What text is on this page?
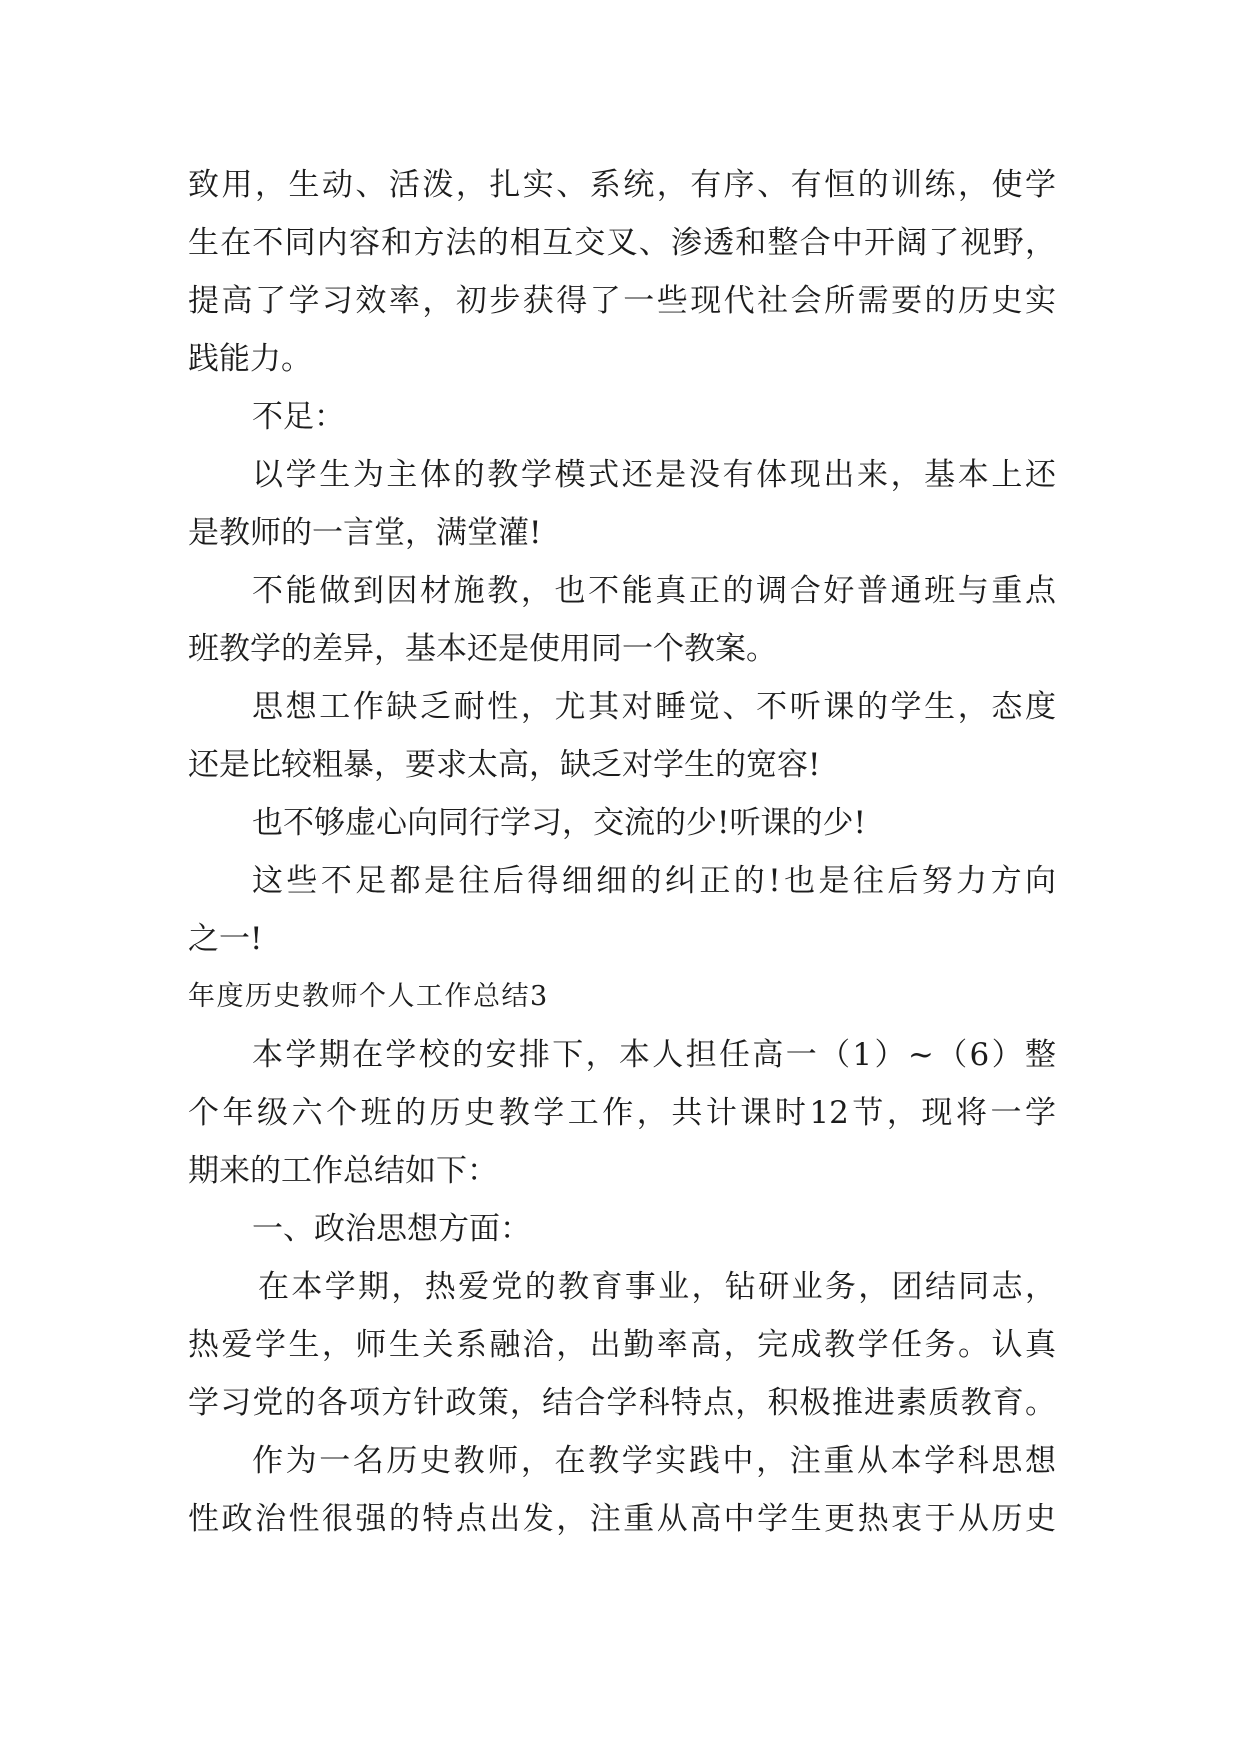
致用，生动、活泼，扎实、系统，有序、有恒的训练，使学
生在不同内容和方法的相互交叉、渗透和整合中开阔了视野，
提高了学习效率，初步获得了一些现代社会所需要的历史实
践能力。
不足：
以学生为主体的教学模式还是没有体现出来，基本上还
是教师的一言堂，满堂灌!
不能做到因材施教，也不能真正的调合好普通班与重点
班教学的差异，基本还是使用同一个教案。
思想工作缺乏耐性，尤其对睡觉、不听课的学生，态度
还是比较粗暴，要求太高，缺乏对学生的宽容!
也不够虚心向同行学习，交流的少!听课的少!
这些不足都是往后得细细的纠正的!也是往后努力方向
之一!
年度历史教师个人工作总结3
本学期在学校的安排下，本人担任高一（1）~（6）整
个年级六个班的历史教学工作，共计课时12节，现将一学
期来的工作总结如下：
一、政治思想方面：
在本学期，热爱党的教育事业，钻研业务，团结同志，
热爱学生，师生关系融洽，出勤率高，完成教学任务。认真
学习党的各项方针政策，结合学科特点，积极推进素质教育。
作为一名历史教师，在教学实践中，注重从本学科思想
性政治性很强的特点出发，注重从高中学生更热衷于从历史
